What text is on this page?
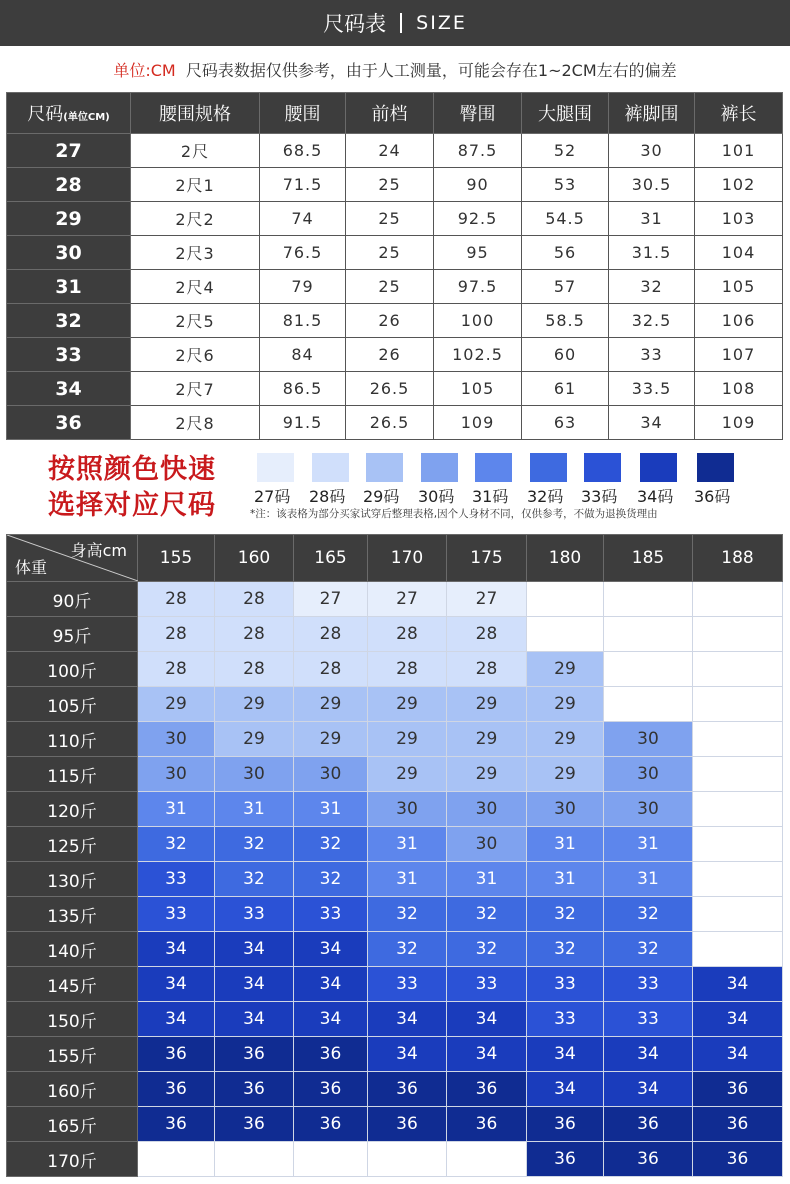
尺码表 SIZE
单位:CM 尺码表数据仅供参考，由于人工测量，可能会存在1~2CM左右的偏差
尺码(单位CM)	腰围规格	腰围	前档	臀围	大腿围	裤脚围	裤长
27	2尺	68.5	24	87.5	52	30	101
28	2尺1	71.5	25	90	53	30.5	102
29	2尺2	74	25	92.5	54.5	31	103
30	2尺3	76.5	25	95	56	31.5	104
31	2尺4	79	25	97.5	57	32	105
32	2尺5	81.5	26	100	58.5	32.5	106
33	2尺6	84	26	102.5	60	33	107
34	2尺7	86.5	26.5	105	61	33.5	108
36	2尺8	91.5	26.5	109	63	34	109
按照颜色快速
选择对应尺码 27码 28码 29码 30码 31码 32码 33码 34码 36码
*注：该表格为部分买家试穿后整理表格,因个人身材不同，仅供参考，不做为退换货理由
身高cm
体重	155	160	165	170	175	180	185	188
90斤	28	28	27	27	27			
95斤	28	28	28	28	28			
100斤	28	28	28	28	28	29		
105斤	29	29	29	29	29	29		
110斤	30	29	29	29	29	29	30	
115斤	30	30	30	29	29	29	30	
120斤	31	31	31	30	30	30	30	
125斤	32	32	32	31	30	31	31	
130斤	33	32	32	31	31	31	31	
135斤	33	33	33	32	32	32	32	
140斤	34	34	34	32	32	32	32	
145斤	34	34	34	33	33	33	33	34
150斤	34	34	34	34	34	33	33	34
155斤	36	36	36	34	34	34	34	34
160斤	36	36	36	36	36	34	34	36
165斤	36	36	36	36	36	36	36	36
170斤						36	36	36
